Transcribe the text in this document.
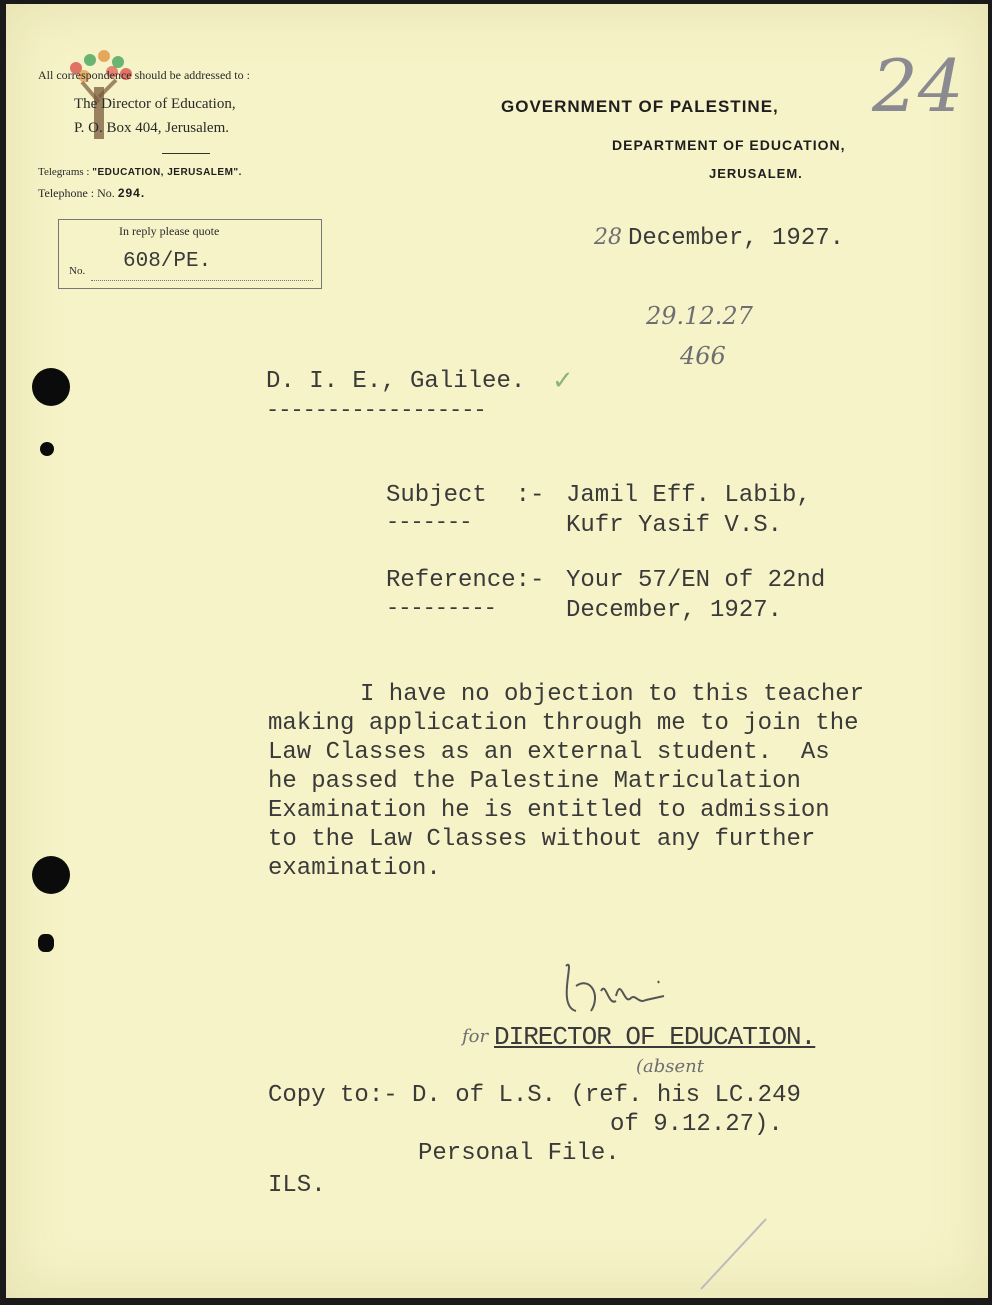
All correspondence should be addressed to :
The Director of Education,
P. O. Box 404, Jerusalem.
Telegrams : "EDUCATION, JERUSALEM".
Telephone : No. 294.
In reply please quote
No. 608/PE.
GOVERNMENT OF PALESTINE,
DEPARTMENT OF EDUCATION,
JERUSALEM.
24
28 December, 1927.
29.12.27
466
D. I. E., Galilee. ✓
------------------
Subject  :-
-------
Jamil Eff. Labib,
Kufr Yasif V.S.
Reference:-
---------
Your 57/EN of 22nd
December, 1927.
I have no objection to this teacher
making application through me to join the
Law Classes as an external student.  As
he passed the Palestine Matriculation
Examination he is entitled to admission
to the Law Classes without any further
examination.
for DIRECTOR OF EDUCATION.
(absent
Copy to:- D. of L.S. (ref. his LC.249
of 9.12.27).
Personal File.
ILS.
